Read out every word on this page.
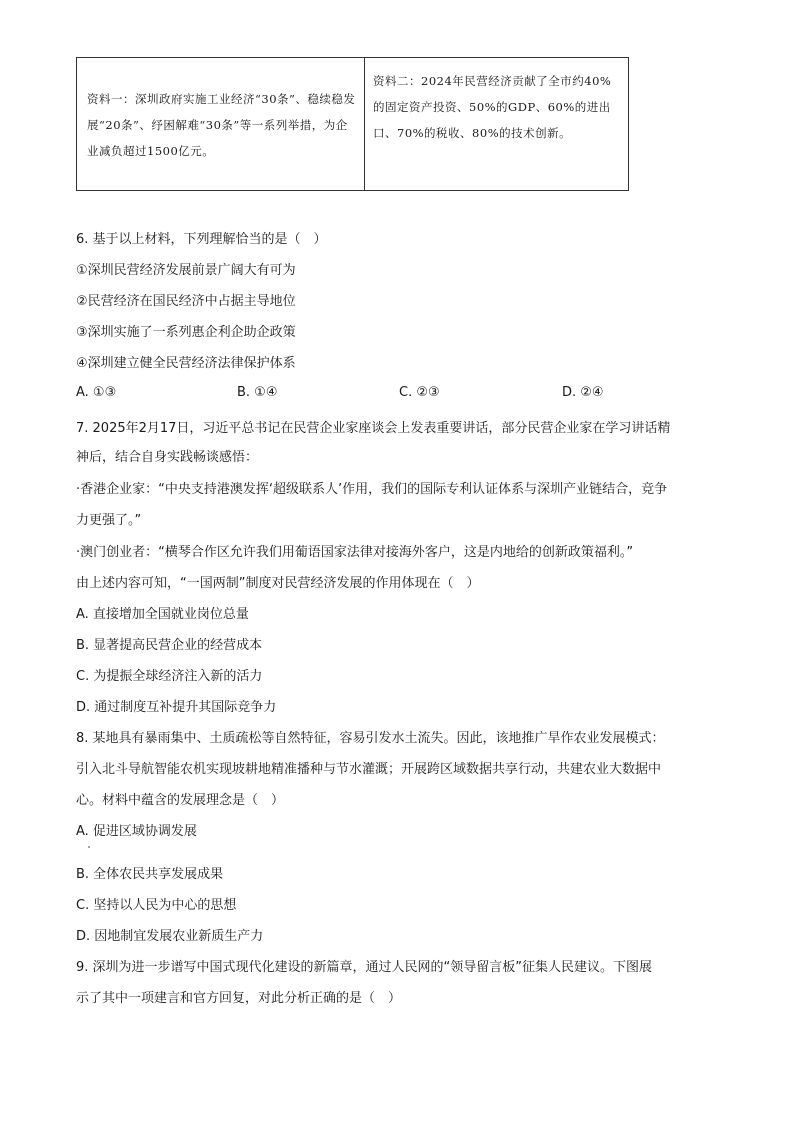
资料一：深圳政府实施工业经济“30条”、稳续稳发展“20条”、纾困解难“30条”等一系列举措，为企业减负超过1500亿元。
资料二：2024年民营经济贡献了全市约40%的固定资产投资、50%的GDP、60%的进出口、70%的税收、80%的技术创新。
6. 基于以上材料，下列理解恰当的是（　）
①深圳民营经济发展前景广阔大有可为
②民营经济在国民经济中占据主导地位
③深圳实施了一系列惠企利企助企政策
④深圳建立健全民营经济法律保护体系
A. ①③	B. ①④	C. ②③	D. ②④
7. 2025年2月17日，习近平总书记在民营企业家座谈会上发表重要讲话，部分民营企业家在学习讲话精
神后，结合自身实践畅谈感悟：
·香港企业家：“中央支持港澳发挥‘超级联系人’作用，我们的国际专利认证体系与深圳产业链结合，竞争
力更强了。”
·澳门创业者：“横琴合作区允许我们用葡语国家法律对接海外客户，这是内地给的创新政策福利。”
由上述内容可知，“一国两制”制度对民营经济发展的作用体现在（　）
A. 直接增加全国就业岗位总量
B. 显著提高民营企业的经营成本
C. 为提振全球经济注入新的活力
D. 通过制度互补提升其国际竞争力
8. 某地具有暴雨集中、土质疏松等自然特征，容易引发水土流失。因此，该地推广旱作农业发展模式：
引入北斗导航智能农机实现坡耕地精准播种与节水灌溉；开展跨区域数据共享行动，共建农业大数据中
心。材料中蕴含的发展理念是（　）
A. 促进区域协调发展
B. 全体农民共享发展成果
C. 坚持以人民为中心的思想
D. 因地制宜发展农业新质生产力
9. 深圳为进一步谱写中国式现代化建设的新篇章，通过人民网的“领导留言板”征集人民建议。下图展
示了其中一项建言和官方回复，对此分析正确的是（　）
